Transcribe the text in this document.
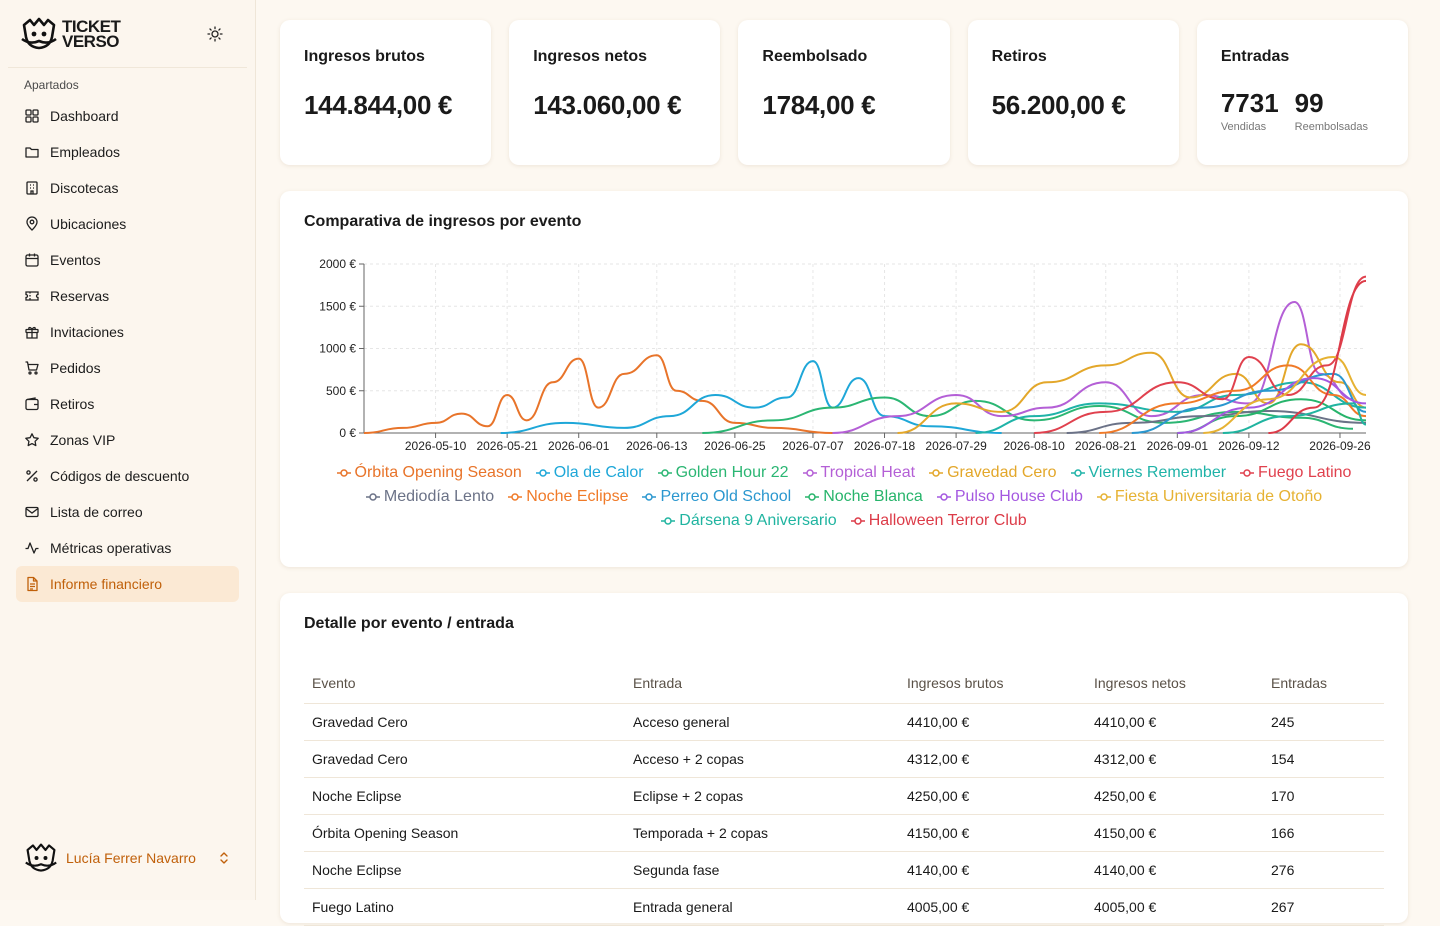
TICKET
VERSO
Apartados
Dashboard
Empleados
Discotecas
Ubicaciones
Eventos
Reservas
Invitaciones
Pedidos
Retiros
Zonas VIP
Códigos de descuento
Lista de correo
Métricas operativas
Informe financiero
Lucía Ferrer Navarro
Ingresos brutos
144.844,00 €
Ingresos netos
143.060,00 €
Reembolsado
1784,00 €
Retiros
56.200,00 €
Entradas
7731
Vendidas
99
Reembolsadas
Comparativa de ingresos por evento
0 €
500 €
1000 €
1500 €
2000 €
2026-05-10 2026-05-21 2026-06-01 2026-06-13 2026-06-25 2026-07-07 2026-07-18 2026-07-29 2026-08-10 2026-08-21 2026-09-01 2026-09-12 2026-09-26
Órbita Opening Season Ola de Calor Golden Hour 22 Tropical Heat Gravedad Cero Viernes Remember Fuego Latino
Mediodía Lento Noche Eclipse Perreo Old School Noche Blanca Pulso House Club Fiesta Universitaria de Otoño
Dársena 9 Aniversario Halloween Terror Club
Detalle por evento / entrada
Evento	Entrada	Ingresos brutos	Ingresos netos	Entradas
Gravedad Cero	Acceso general	4410,00 €	4410,00 €	245
Gravedad Cero	Acceso + 2 copas	4312,00 €	4312,00 €	154
Noche Eclipse	Eclipse + 2 copas	4250,00 €	4250,00 €	170
Órbita Opening Season	Temporada + 2 copas	4150,00 €	4150,00 €	166
Noche Eclipse	Segunda fase	4140,00 €	4140,00 €	276
Fuego Latino	Entrada general	4005,00 €	4005,00 €	267
